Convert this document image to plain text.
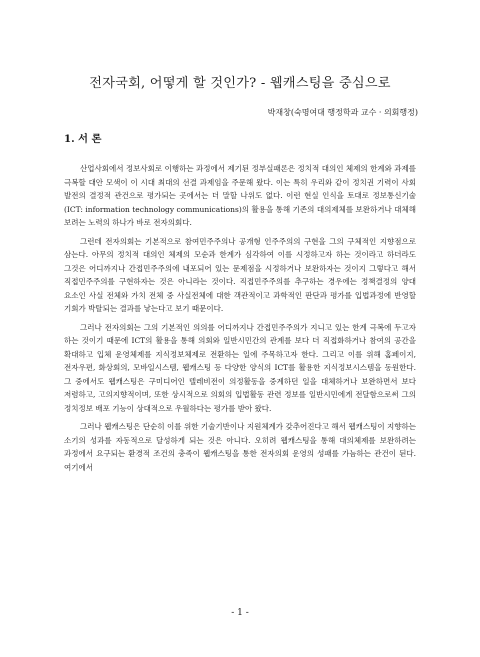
전자국회, 어떻게 할 것인가? - 웹캐스팅을 중심으로
박재창(숙명여대 행정학과 교수 · 의회행정)
1. 서 론

산업사회에서 정보사회로 이행하는 과정에서 제기된 정부실패론은 정치적 대의인 체제의 한계와 과제를 극복할 대안 모색이 이 시대 최대의 선결 과제임을 주문해 왔다. 이는 특히 우리와 같이 정치권 기력이 사회 발전의 결정적 관건으로 평가되는 곳에서는 더 말할 나위도 없다. 이런 현실 인식을 토대로 정보통신기술(ICT: information technology communications)의 활용을 통해 기존의 대의제체를 보완하거나 대체해 보려는 노력의 하나가 바로 전자의회다.

그런데 전자의회는 기본적으로 참여민주주의나 공개형 인주주의의 구현을 그의 구체적인 지향점으로 삼는다. 아무의 정치적 대의인 체제의 모순과 한계가 심각하여 이를 시정하고자 하는 것이라고 하더라도 그것은 어디까지나 간접민주주의에 내포되어 있는 문제점을 시정하거나 보완하자는 것이지 그렇다고 해서 직접민주주의를 구현하자는 것은 아니라는 것이다. 직접민주주의를 추구하는 경우에는 정책결정의 양대 요소인 사실 전체와 가치 전체 중 사실전체에 대한 객관적이고 과학적인 판단과 평가를 입법과정에 반영할 기회가 박탈되는 결과를 낳는다고 보기 때문이다.

그러나 전자의회는 그의 기본적인 의의를 어디까지나 간접민주주의가 지니고 있는 한계 극복에 두고자 하는 것이기 때문에 ICT의 활용을 통해 의회와 일반시민간의 관계를 보다 더 직접화하거나 참여의 공간을 확대하고 입체 운영체제를 지식정보체제로 전환하는 일에 주목하고자 한다. 그리고 이를 위해 홈페이지, 전자우편, 화상회의, 모바일시스템, 웹캐스팅 등 다양한 양식의 ICT를 활용한 지식정보시스템을 동원한다. 그 중에서도 웹캐스팅은 구미디어인 텔레비전이 의정활동을 중계하던 일을 대체하거나 보완하면서 보다 저렴하고, 고의지향적이며, 또한 상시적으로 의회의 입법활동 관련 정보를 일반시민에게 전달함으로써 그의 정치정보 배포 기능이 상대적으로 우월하다는 평가를 받아 왔다.

그러나 웹캐스팅은 단순히 이를 위한 기술기반이나 지원체계가 갖추어진다고 해서 웹캐스팅이 지향하는 소기의 성과를 자동적으로 달성하게 되는 것은 아니다. 오히려 웹캐스팅을 통해 대의체제를 보완하려는 과정에서 요구되는 환경적 조건의 충족이 웹캐스팅을 통한 전자의회 운영의 성패를 가늠하는 관건이 된다. 여기에서

- 1 -
